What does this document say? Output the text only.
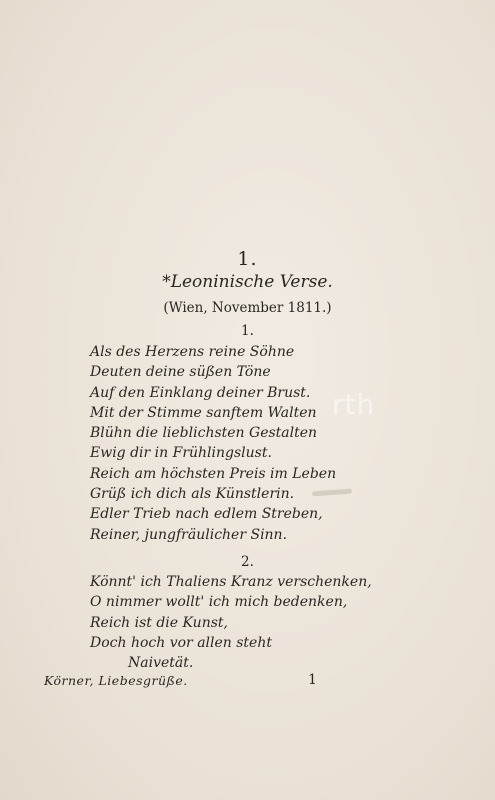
1.
*Leoninische Verse.
(Wien, November 1811.)
1.
Als des Herzens reine Söhne
Deuten deine süßen Töne
Auf den Einklang deiner Brust.
Mit der Stimme sanftem Walten
Blühn die lieblichsten Gestalten
Ewig dir in Frühlingslust.
Reich am höchsten Preis im Leben
Grüß ich dich als Künstlerin.
Edler Trieb nach edlem Streben,
Reiner, jungfräulicher Sinn.
2.
Könnt' ich Thaliens Kranz verschenken,
O nimmer wollt' ich mich bedenken,
Reich ist die Kunst,
Doch hoch vor allen steht
Naivetät.
Körner, Liebesgrüße.	1
rth
